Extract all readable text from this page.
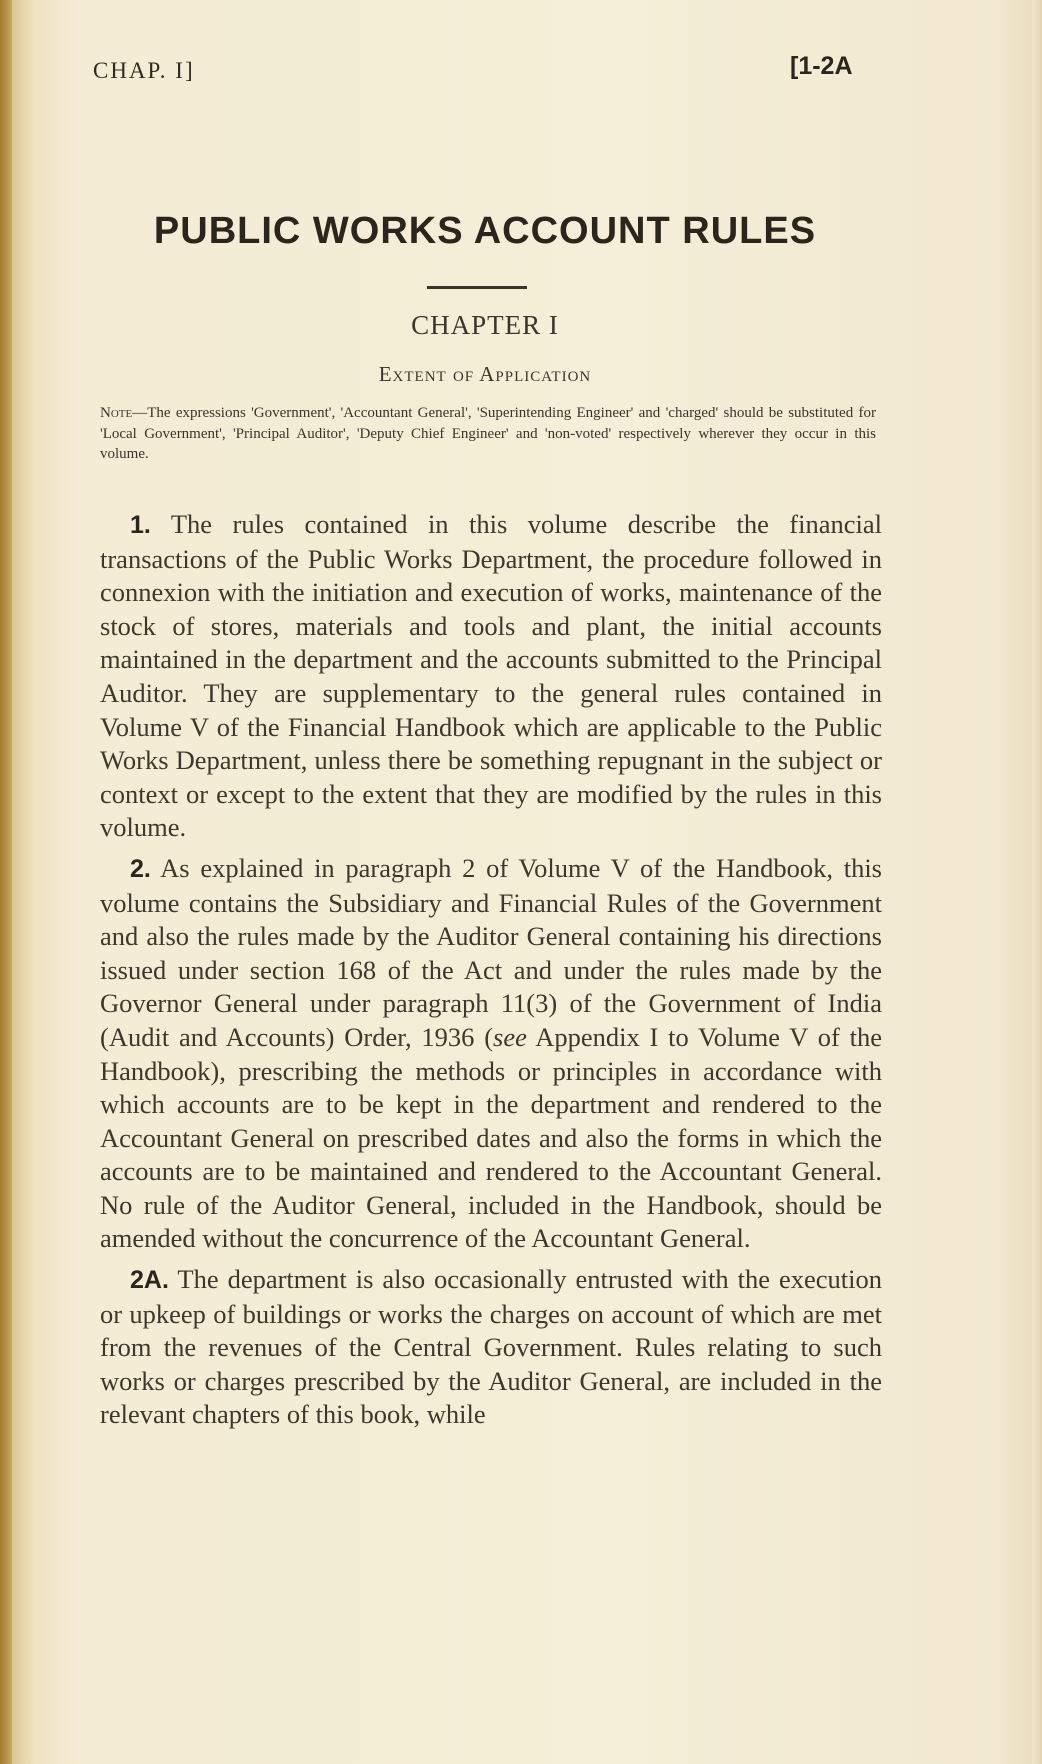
CHAP. I]	[1-2A
PUBLIC WORKS ACCOUNT RULES
CHAPTER I
Extent of Application
Note—The expressions 'Government', 'Accountant General', 'Superintending Engineer' and 'charged' should be substituted for 'Local Government', 'Principal Auditor', 'Deputy Chief Engineer' and 'non-voted' respectively wherever they occur in this volume.

1. The rules contained in this volume describe the financial transactions of the Public Works Department, the procedure followed in connexion with the initiation and execution of works, maintenance of the stock of stores, materials and tools and plant, the initial accounts maintained in the department and the accounts submitted to the Principal Auditor. They are supplementary to the general rules contained in Volume V of the Financial Handbook which are applicable to the Public Works Department, unless there be something repugnant in the subject or context or except to the extent that they are modified by the rules in this volume.

2. As explained in paragraph 2 of Volume V of the Handbook, this volume contains the Subsidiary and Financial Rules of the Government and also the rules made by the Auditor General containing his directions issued under section 168 of the Act and under the rules made by the Governor General under paragraph 11(3) of the Government of India (Audit and Accounts) Order, 1936 (see Appendix I to Volume V of the Handbook), prescribing the methods or principles in accordance with which accounts are to be kept in the department and rendered to the Accountant General on prescribed dates and also the forms in which the accounts are to be maintained and rendered to the Accountant General. No rule of the Auditor General, included in the Handbook, should be amended without the concurrence of the Accountant General.

2A. The department is also occasionally entrusted with the execution or upkeep of buildings or works the charges on account of which are met from the revenues of the Central Government. Rules relating to such works or charges prescribed by the Auditor General, are included in the relevant chapters of this book, while
